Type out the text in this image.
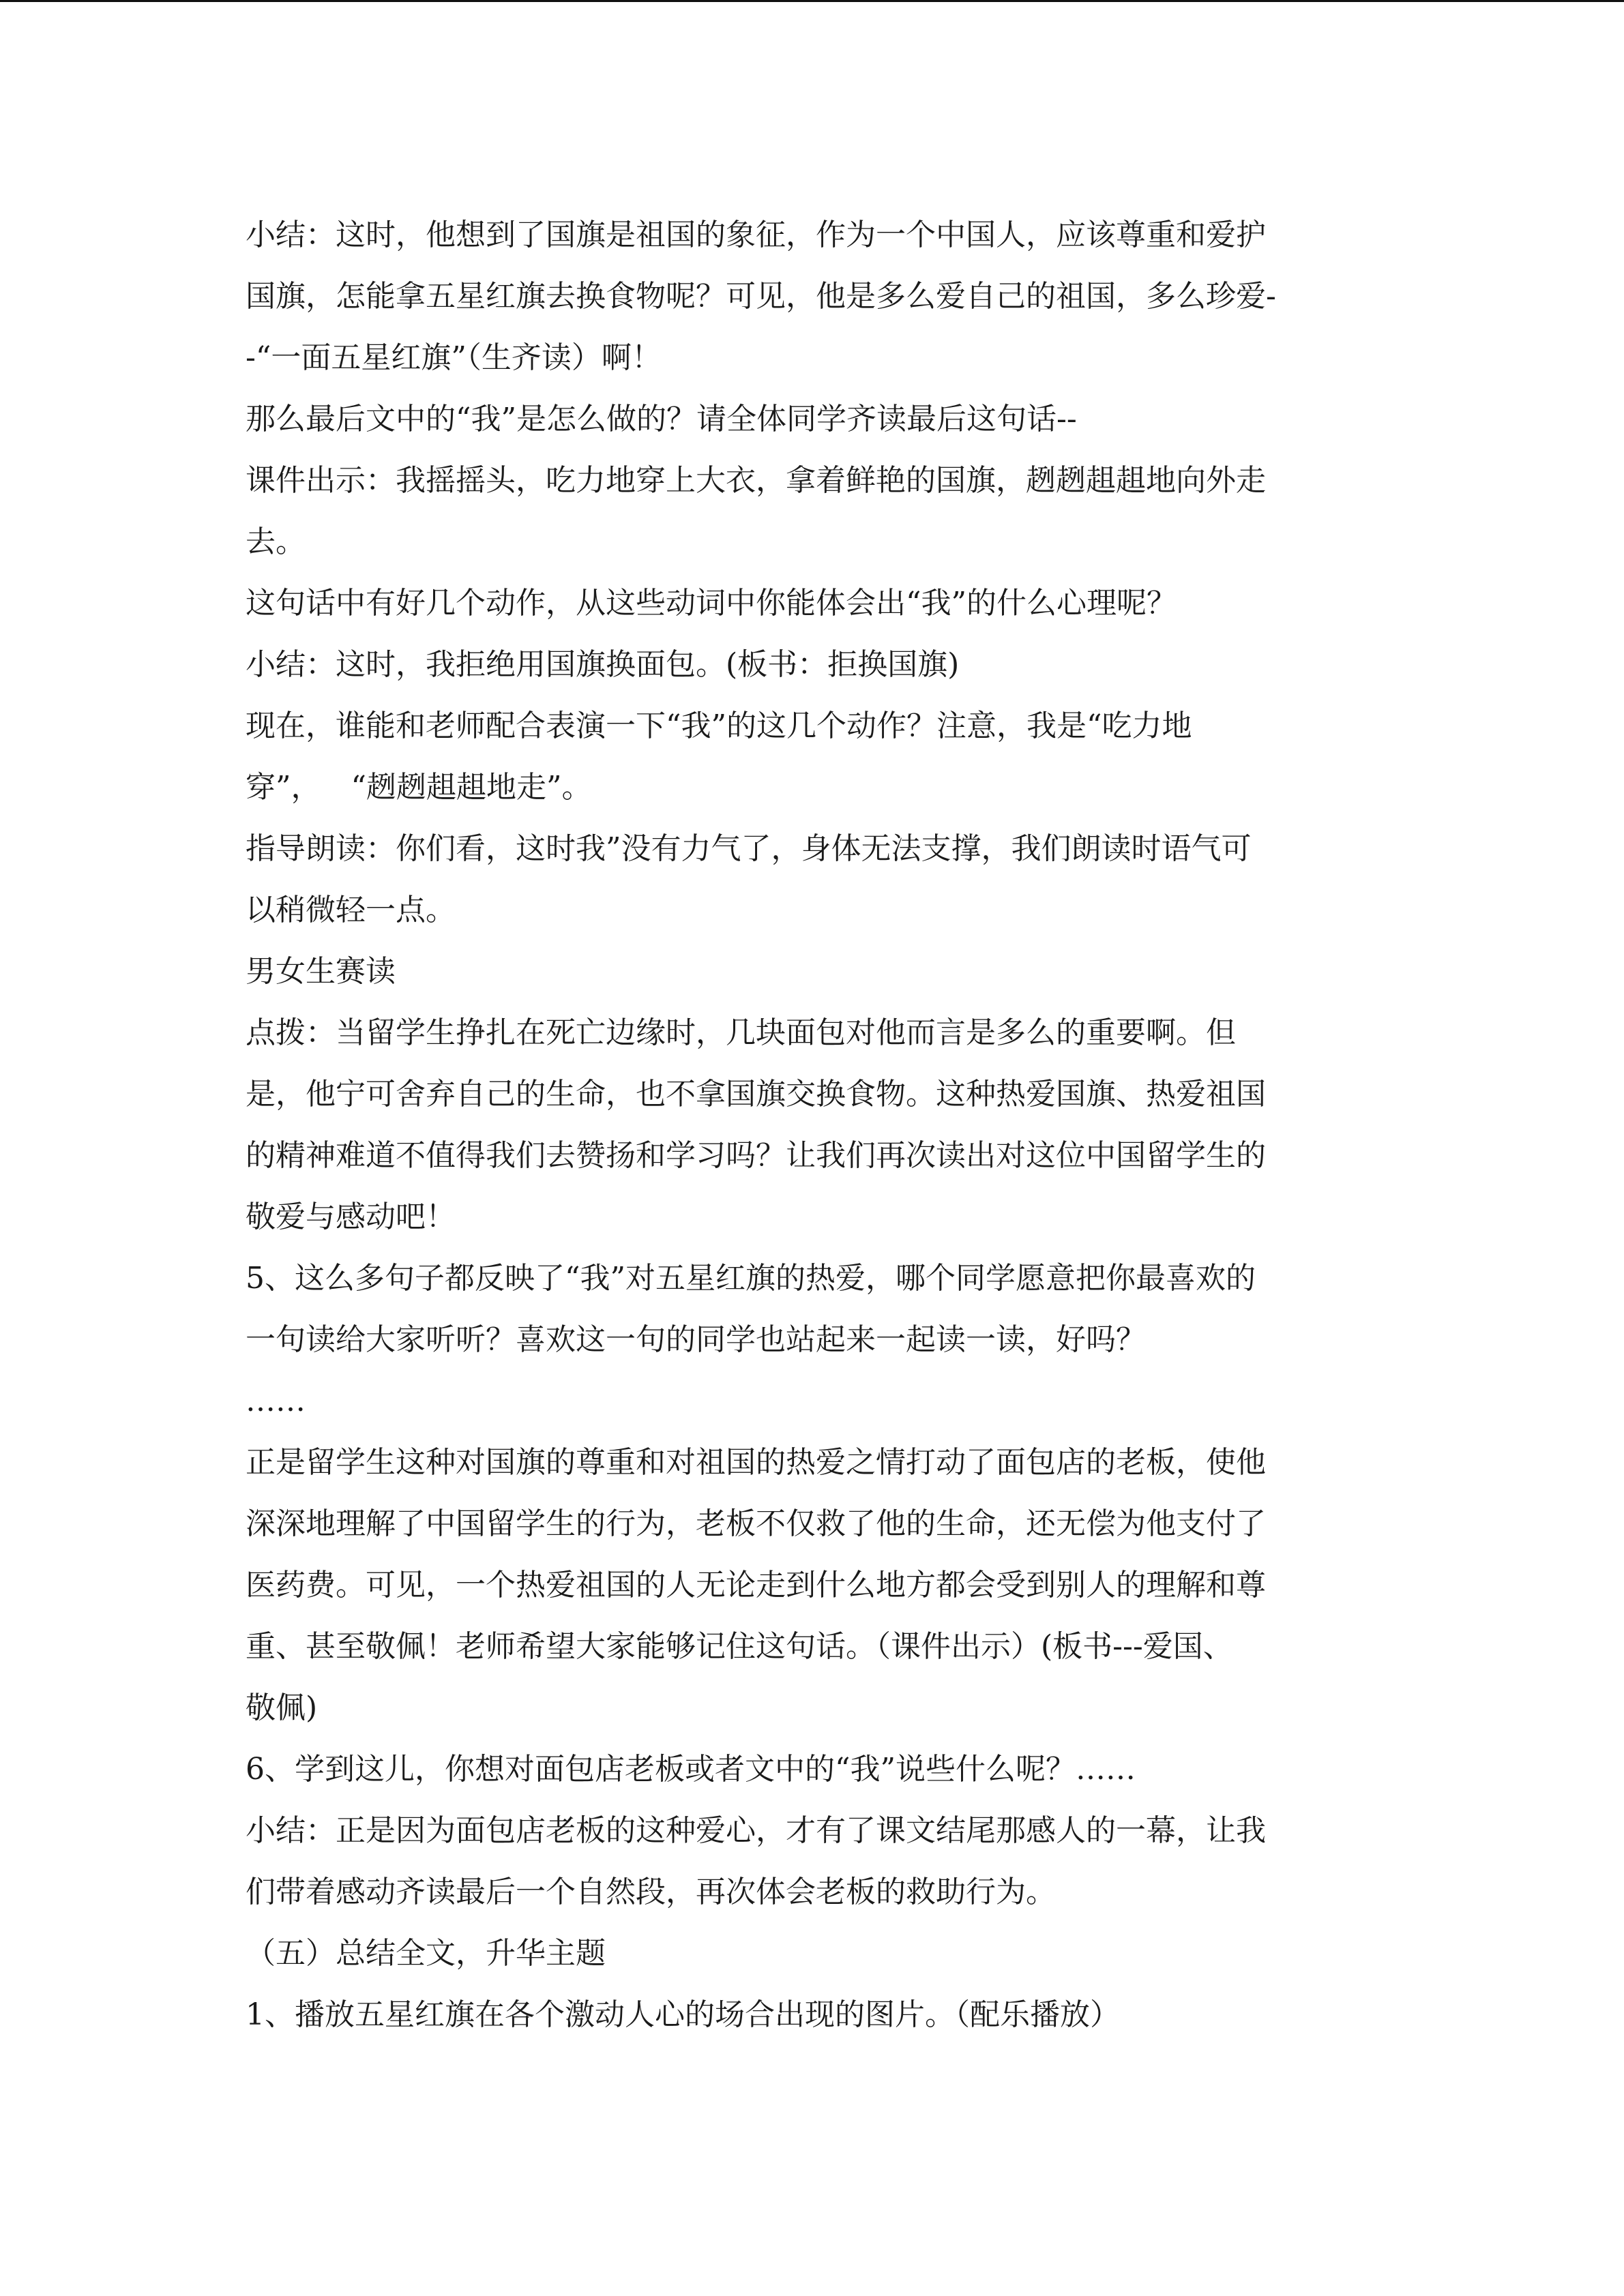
小结：这时，他想到了国旗是祖国的象征，作为一个中国人，应该尊重和爱护

国旗，怎能拿五星红旗去换食物呢？可见，他是多么爱自己的祖国，多么珍爱-

-“一面五星红旗”（生齐读）啊！

那么最后文中的“我”是怎么做的？请全体同学齐读最后这句话--

课件出示：我摇摇头，吃力地穿上大衣，拿着鲜艳的国旗，趔趔趄趄地向外走

去。

这句话中有好几个动作，从这些动词中你能体会出“我”的什么心理呢？

小结：这时，我拒绝用国旗换面包。(板书：拒换国旗)

现在，谁能和老师配合表演一下“我”的这几个动作？注意，我是“吃力地

穿”， “趔趔趄趄地走”。

指导朗读：你们看，这时我”没有力气了，身体无法支撑，我们朗读时语气可

以稍微轻一点。

男女生赛读

点拨：当留学生挣扎在死亡边缘时，几块面包对他而言是多么的重要啊。但

是，他宁可舍弃自己的生命，也不拿国旗交换食物。这种热爱国旗、热爱祖国

的精神难道不值得我们去赞扬和学习吗？让我们再次读出对这位中国留学生的

敬爱与感动吧！

5、这么多句子都反映了“我”对五星红旗的热爱，哪个同学愿意把你最喜欢的

一句读给大家听听？喜欢这一句的同学也站起来一起读一读，好吗？

……

正是留学生这种对国旗的尊重和对祖国的热爱之情打动了面包店的老板，使他

深深地理解了中国留学生的行为，老板不仅救了他的生命，还无偿为他支付了

医药费。可见，一个热爱祖国的人无论走到什么地方都会受到别人的理解和尊

重、甚至敬佩！老师希望大家能够记住这句话。（课件出示）(板书---爱国、

敬佩)

6、学到这儿，你想对面包店老板或者文中的“我”说些什么呢？……

小结：正是因为面包店老板的这种爱心，才有了课文结尾那感人的一幕，让我

们带着感动齐读最后一个自然段，再次体会老板的救助行为。

（五）总结全文，升华主题

1、播放五星红旗在各个激动人心的场合出现的图片。（配乐播放）
